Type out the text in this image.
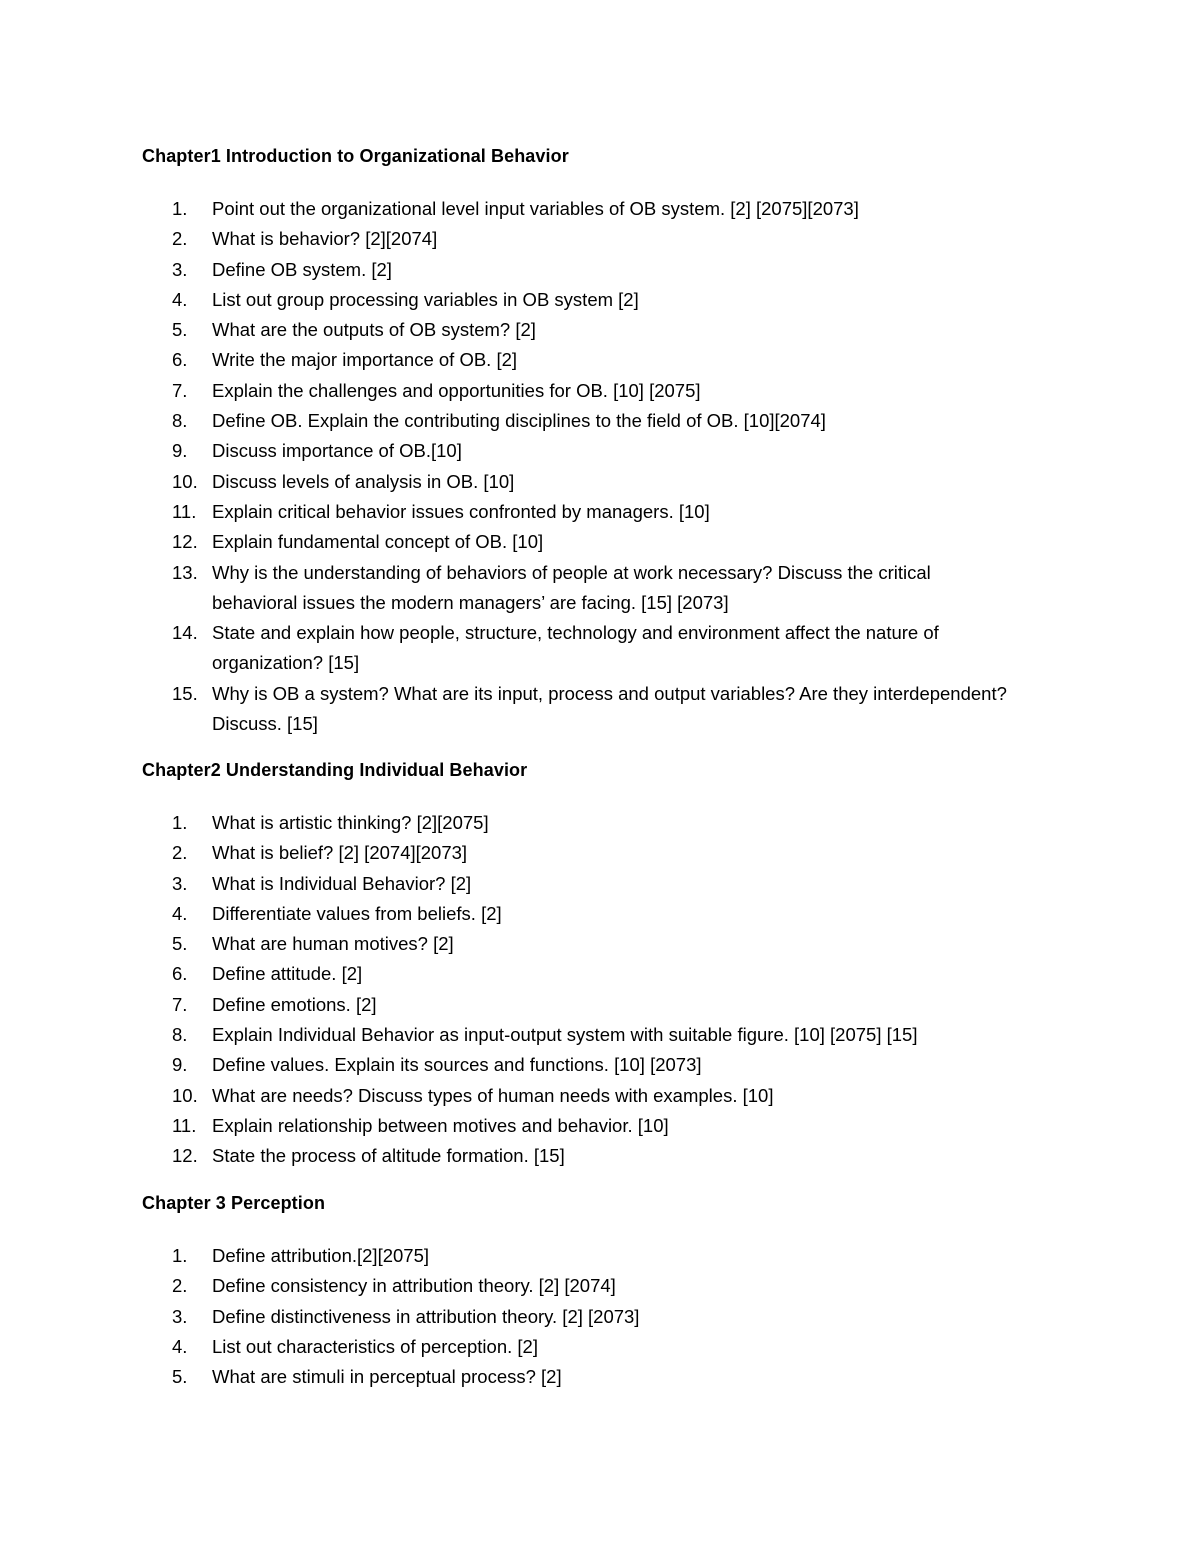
Chapter1 Introduction to Organizational Behavior
1. Point out the organizational level input variables of OB system. [2] [2075][2073]
2. What is behavior? [2][2074]
3. Define OB system. [2]
4. List out group processing variables in OB system [2]
5. What are the outputs of OB system? [2]
6. Write the major importance of OB. [2]
7. Explain the challenges and opportunities for OB. [10] [2075]
8. Define OB. Explain the contributing disciplines to the field of OB. [10][2074]
9. Discuss importance of OB.[10]
10. Discuss levels of analysis in OB. [10]
11. Explain critical behavior issues confronted by managers. [10]
12. Explain fundamental concept of OB. [10]
13. Why is the understanding of behaviors of people at work necessary? Discuss the critical behavioral issues the modern managers’ are facing. [15] [2073]
14. State and explain how people, structure, technology and environment affect the nature of organization? [15]
15. Why is OB a system? What are its input, process and output variables? Are they interdependent? Discuss. [15]
Chapter2 Understanding Individual Behavior
1. What is artistic thinking? [2][2075]
2. What is belief? [2] [2074][2073]
3. What is Individual Behavior? [2]
4. Differentiate values from beliefs. [2]
5. What are human motives? [2]
6. Define attitude. [2]
7. Define emotions. [2]
8. Explain Individual Behavior as input-output system with suitable figure. [10] [2075] [15]
9. Define values. Explain its sources and functions. [10] [2073]
10. What are needs? Discuss types of human needs with examples. [10]
11. Explain relationship between motives and behavior. [10]
12. State the process of altitude formation. [15]
Chapter 3 Perception
1. Define attribution.[2][2075]
2. Define consistency in attribution theory. [2] [2074]
3. Define distinctiveness in attribution theory. [2] [2073]
4. List out characteristics of perception. [2]
5. What are stimuli in perceptual process? [2]
